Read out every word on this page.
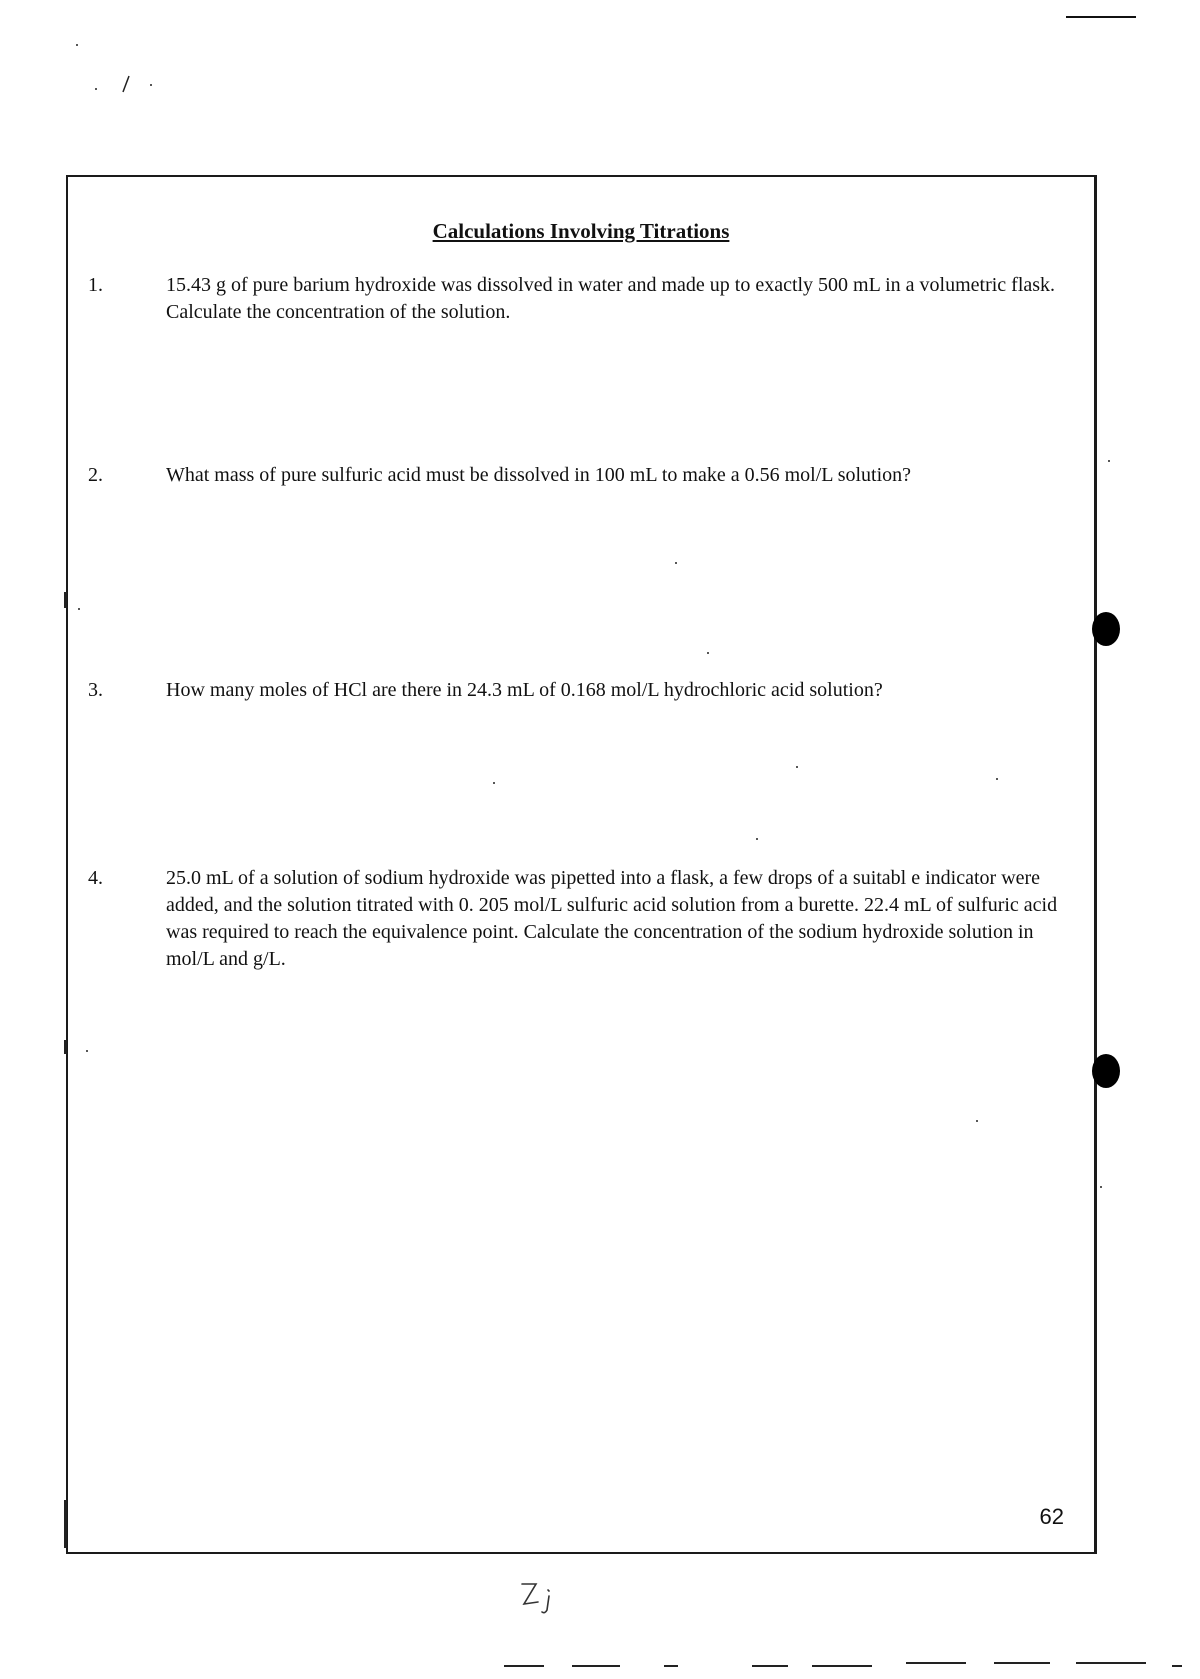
Calculations Involving Titrations
1.	15.43 g of pure barium hydroxide was dissolved in water and made up to exactly 500 mL in a volumetric flask. Calculate the concentration of the solution.
2.	What mass of pure sulfuric acid must be dissolved in 100 mL to make a 0.56 mol/L solution?
3.	How many moles of HCl are there in 24.3 mL of 0.168 mol/L hydrochloric acid solution?
4.	25.0 mL of a solution of sodium hydroxide was pipetted into a flask, a few drops of a suitabl e indicator were added, and the solution titrated with 0. 205 mol/L sulfuric acid solution from a burette. 22.4 mL of sulfuric acid was required to reach the equivalence point. Calculate the concentration of the sodium hydroxide solution in mol/L and g/L.
62
